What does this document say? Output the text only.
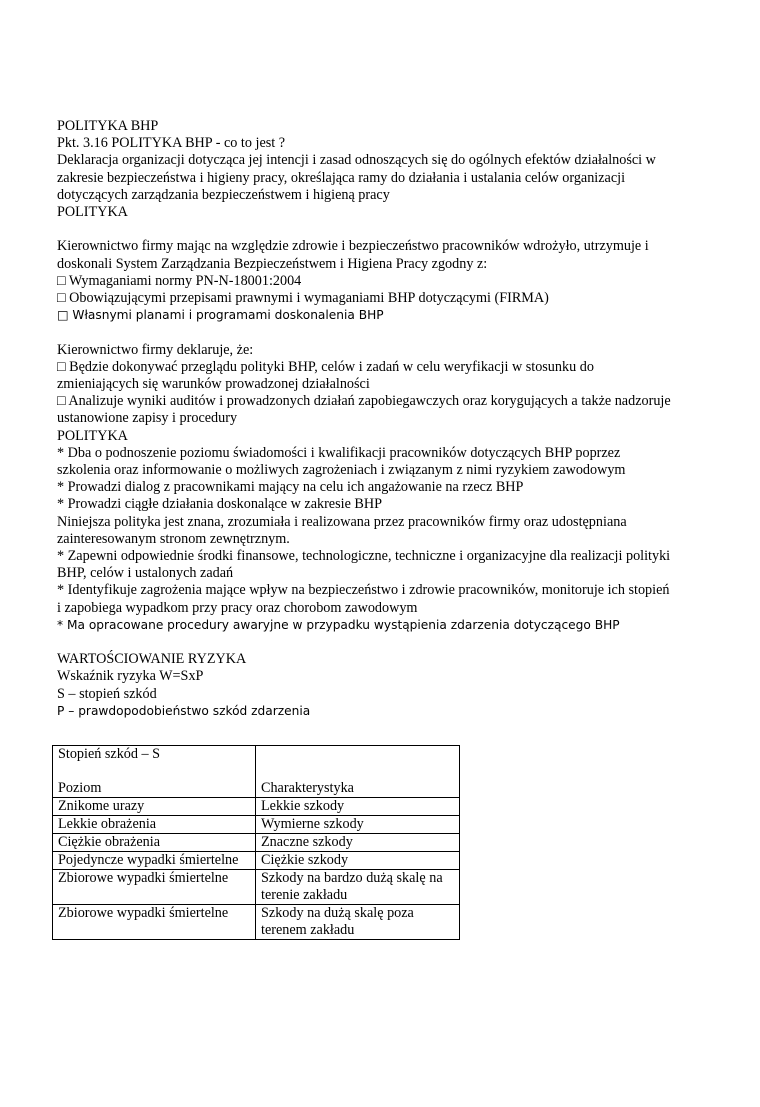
POLITYKA BHP

Pkt. 3.16 POLITYKA BHP - co to jest ?

Deklaracja organizacji dotycząca jej intencji i zasad odnoszących się do ogólnych efektów działalności w

zakresie bezpieczeństwa i higieny pracy, określająca ramy do działania i ustalania celów organizacji

dotyczących zarządzania bezpieczeństwem i higieną pracy

POLITYKA

Kierownictwo firmy mając na względzie zdrowie i bezpieczeństwo pracowników wdrożyło, utrzymuje i

doskonali System Zarządzania Bezpieczeństwem i Higiena Pracy zgodny z:

□ Wymaganiami normy PN-N-18001:2004

□ Obowiązującymi przepisami prawnymi i wymaganiami BHP dotyczącymi (FIRMA)

□ Własnymi planami i programami doskonalenia BHP

Kierownictwo firmy deklaruje, że:

□ Będzie dokonywać przeglądu polityki BHP, celów i zadań w celu weryfikacji w stosunku do

zmieniających się warunków prowadzonej działalności

□ Analizuje wyniki auditów i prowadzonych działań zapobiegawczych oraz korygujących a także nadzoruje

ustanowione zapisy i procedury

POLITYKA

* Dba o podnoszenie poziomu świadomości i kwalifikacji pracowników dotyczących BHP poprzez

szkolenia oraz informowanie o możliwych zagrożeniach i związanym z nimi ryzykiem zawodowym

* Prowadzi dialog z pracownikami mający na celu ich angażowanie na rzecz BHP

* Prowadzi ciągłe działania doskonalące w zakresie BHP

Niniejsza polityka jest znana, zrozumiała i realizowana przez pracowników firmy oraz udostępniana

zainteresowanym stronom zewnętrznym.

* Zapewni odpowiednie środki finansowe, technologiczne, techniczne i organizacyjne dla realizacji polityki

BHP, celów i ustalonych zadań

* Identyfikuje zagrożenia mające wpływ na bezpieczeństwo i zdrowie pracowników, monitoruje ich stopień

i zapobiega wypadkom przy pracy oraz chorobom zawodowym

* Ma opracowane procedury awaryjne w przypadku wystąpienia zdarzenia dotyczącego BHP

WARTOŚCIOWANIE RYZYKA

Wskaźnik ryzyka W=SxP

S – stopień szkód

P – prawdopodobieństwo szkód zdarzenia

Stopień szkód – S

Poziom	Charakterystyka

Znikome urazy	Lekkie szkody
Lekkie obrażenia	Wymierne szkody
Ciężkie obrażenia	Znaczne szkody
Pojedyncze wypadki śmiertelne	Ciężkie szkody
Zbiorowe wypadki śmiertelne	Szkody na bardzo dużą skalę na
terenie zakładu

Zbiorowe wypadki śmiertelne	Szkody na dużą skalę poza
terenem zakładu
